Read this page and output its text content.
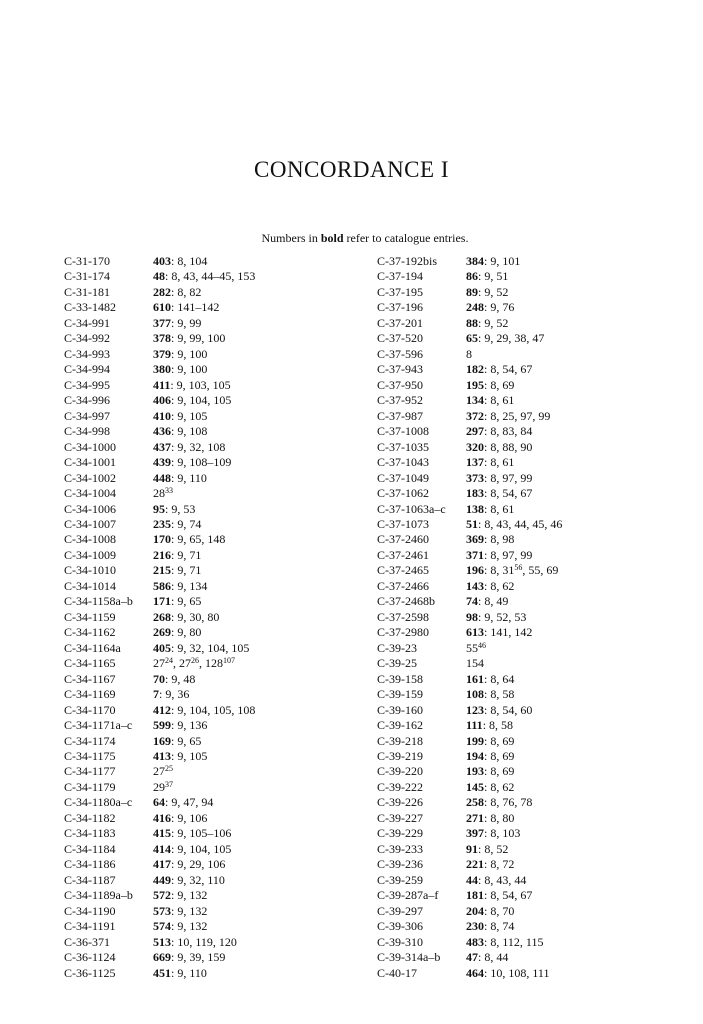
CONCORDANCE I
Numbers in bold refer to catalogue entries.
C-31-170	403: 8, 104
C-31-174	48: 8, 43, 44–45, 153
C-31-181	282: 8, 82
C-33-1482	610: 141–142
C-34-991	377: 9, 99
C-34-992	378: 9, 99, 100
C-34-993	379: 9, 100
C-34-994	380: 9, 100
C-34-995	411: 9, 103, 105
C-34-996	406: 9, 104, 105
C-34-997	410: 9, 105
C-34-998	436: 9, 108
C-34-1000	437: 9, 32, 108
C-34-1001	439: 9, 108–109
C-34-1002	448: 9, 110
C-34-1004	$28^{33}$
C-34-1006	95: 9, 53
C-34-1007	235: 9, 74
C-34-1008	170: 9, 65, 148
C-34-1009	216: 9, 71
C-34-1010	215: 9, 71
C-34-1014	586: 9, 134
C-34-1158a–b	171: 9, 65
C-34-1159	268: 9, 30, 80
C-34-1162	269: 9, 80
C-34-1164a	405: 9, 32, 104, 105
C-34-1165	$27^{24}$, $27^{26}$, $128^{107}$
C-34-1167	70: 9, 48
C-34-1169	7: 9, 36
C-34-1170	412: 9, 104, 105, 108
C-34-1171a–c	599: 9, 136
C-34-1174	169: 9, 65
C-34-1175	413: 9, 105
C-34-1177	$27^{25}$
C-34-1179	$29^{37}$
C-34-1180a–c	64: 9, 47, 94
C-34-1182	416: 9, 106
C-34-1183	415: 9, 105–106
C-34-1184	414: 9, 104, 105
C-34-1186	417: 9, 29, 106
C-34-1187	449: 9, 32, 110
C-34-1189a–b	572: 9, 132
C-34-1190	573: 9, 132
C-34-1191	574: 9, 132
C-36-371	513: 10, 119, 120
C-36-1124	669: 9, 39, 159
C-36-1125	451: 9, 110
C-37-192bis	384: 9, 101
C-37-194	86: 9, 51
C-37-195	89: 9, 52
C-37-196	248: 9, 76
C-37-201	88: 9, 52
C-37-520	65: 9, 29, 38, 47
C-37-596	8
C-37-943	182: 8, 54, 67
C-37-950	195: 8, 69
C-37-952	134: 8, 61
C-37-987	372: 8, 25, 97, 99
C-37-1008	297: 8, 83, 84
C-37-1035	320: 8, 88, 90
C-37-1043	137: 8, 61
C-37-1049	373: 8, 97, 99
C-37-1062	183: 8, 54, 67
C-37-1063a–c	138: 8, 61
C-37-1073	51: 8, 43, 44, 45, 46
C-37-2460	369: 8, 98
C-37-2461	371: 8, 97, 99
C-37-2465	196: 8, $31^{56}$, 55, 69
C-37-2466	143: 8, 62
C-37-2468b	74: 8, 49
C-37-2598	98: 9, 52, 53
C-37-2980	613: 141, 142
C-39-23	$55^{46}$
C-39-25	154
C-39-158	161: 8, 64
C-39-159	108: 8, 58
C-39-160	123: 8, 54, 60
C-39-162	111: 8, 58
C-39-218	199: 8, 69
C-39-219	194: 8, 69
C-39-220	193: 8, 69
C-39-222	145: 8, 62
C-39-226	258: 8, 76, 78
C-39-227	271: 8, 80
C-39-229	397: 8, 103
C-39-233	91: 8, 52
C-39-236	221: 8, 72
C-39-259	44: 8, 43, 44
C-39-287a–f	181: 8, 54, 67
C-39-297	204: 8, 70
C-39-306	230: 8, 74
C-39-310	483: 8, 112, 115
C-39-314a–b	47: 8, 44
C-40-17	464: 10, 108, 111
